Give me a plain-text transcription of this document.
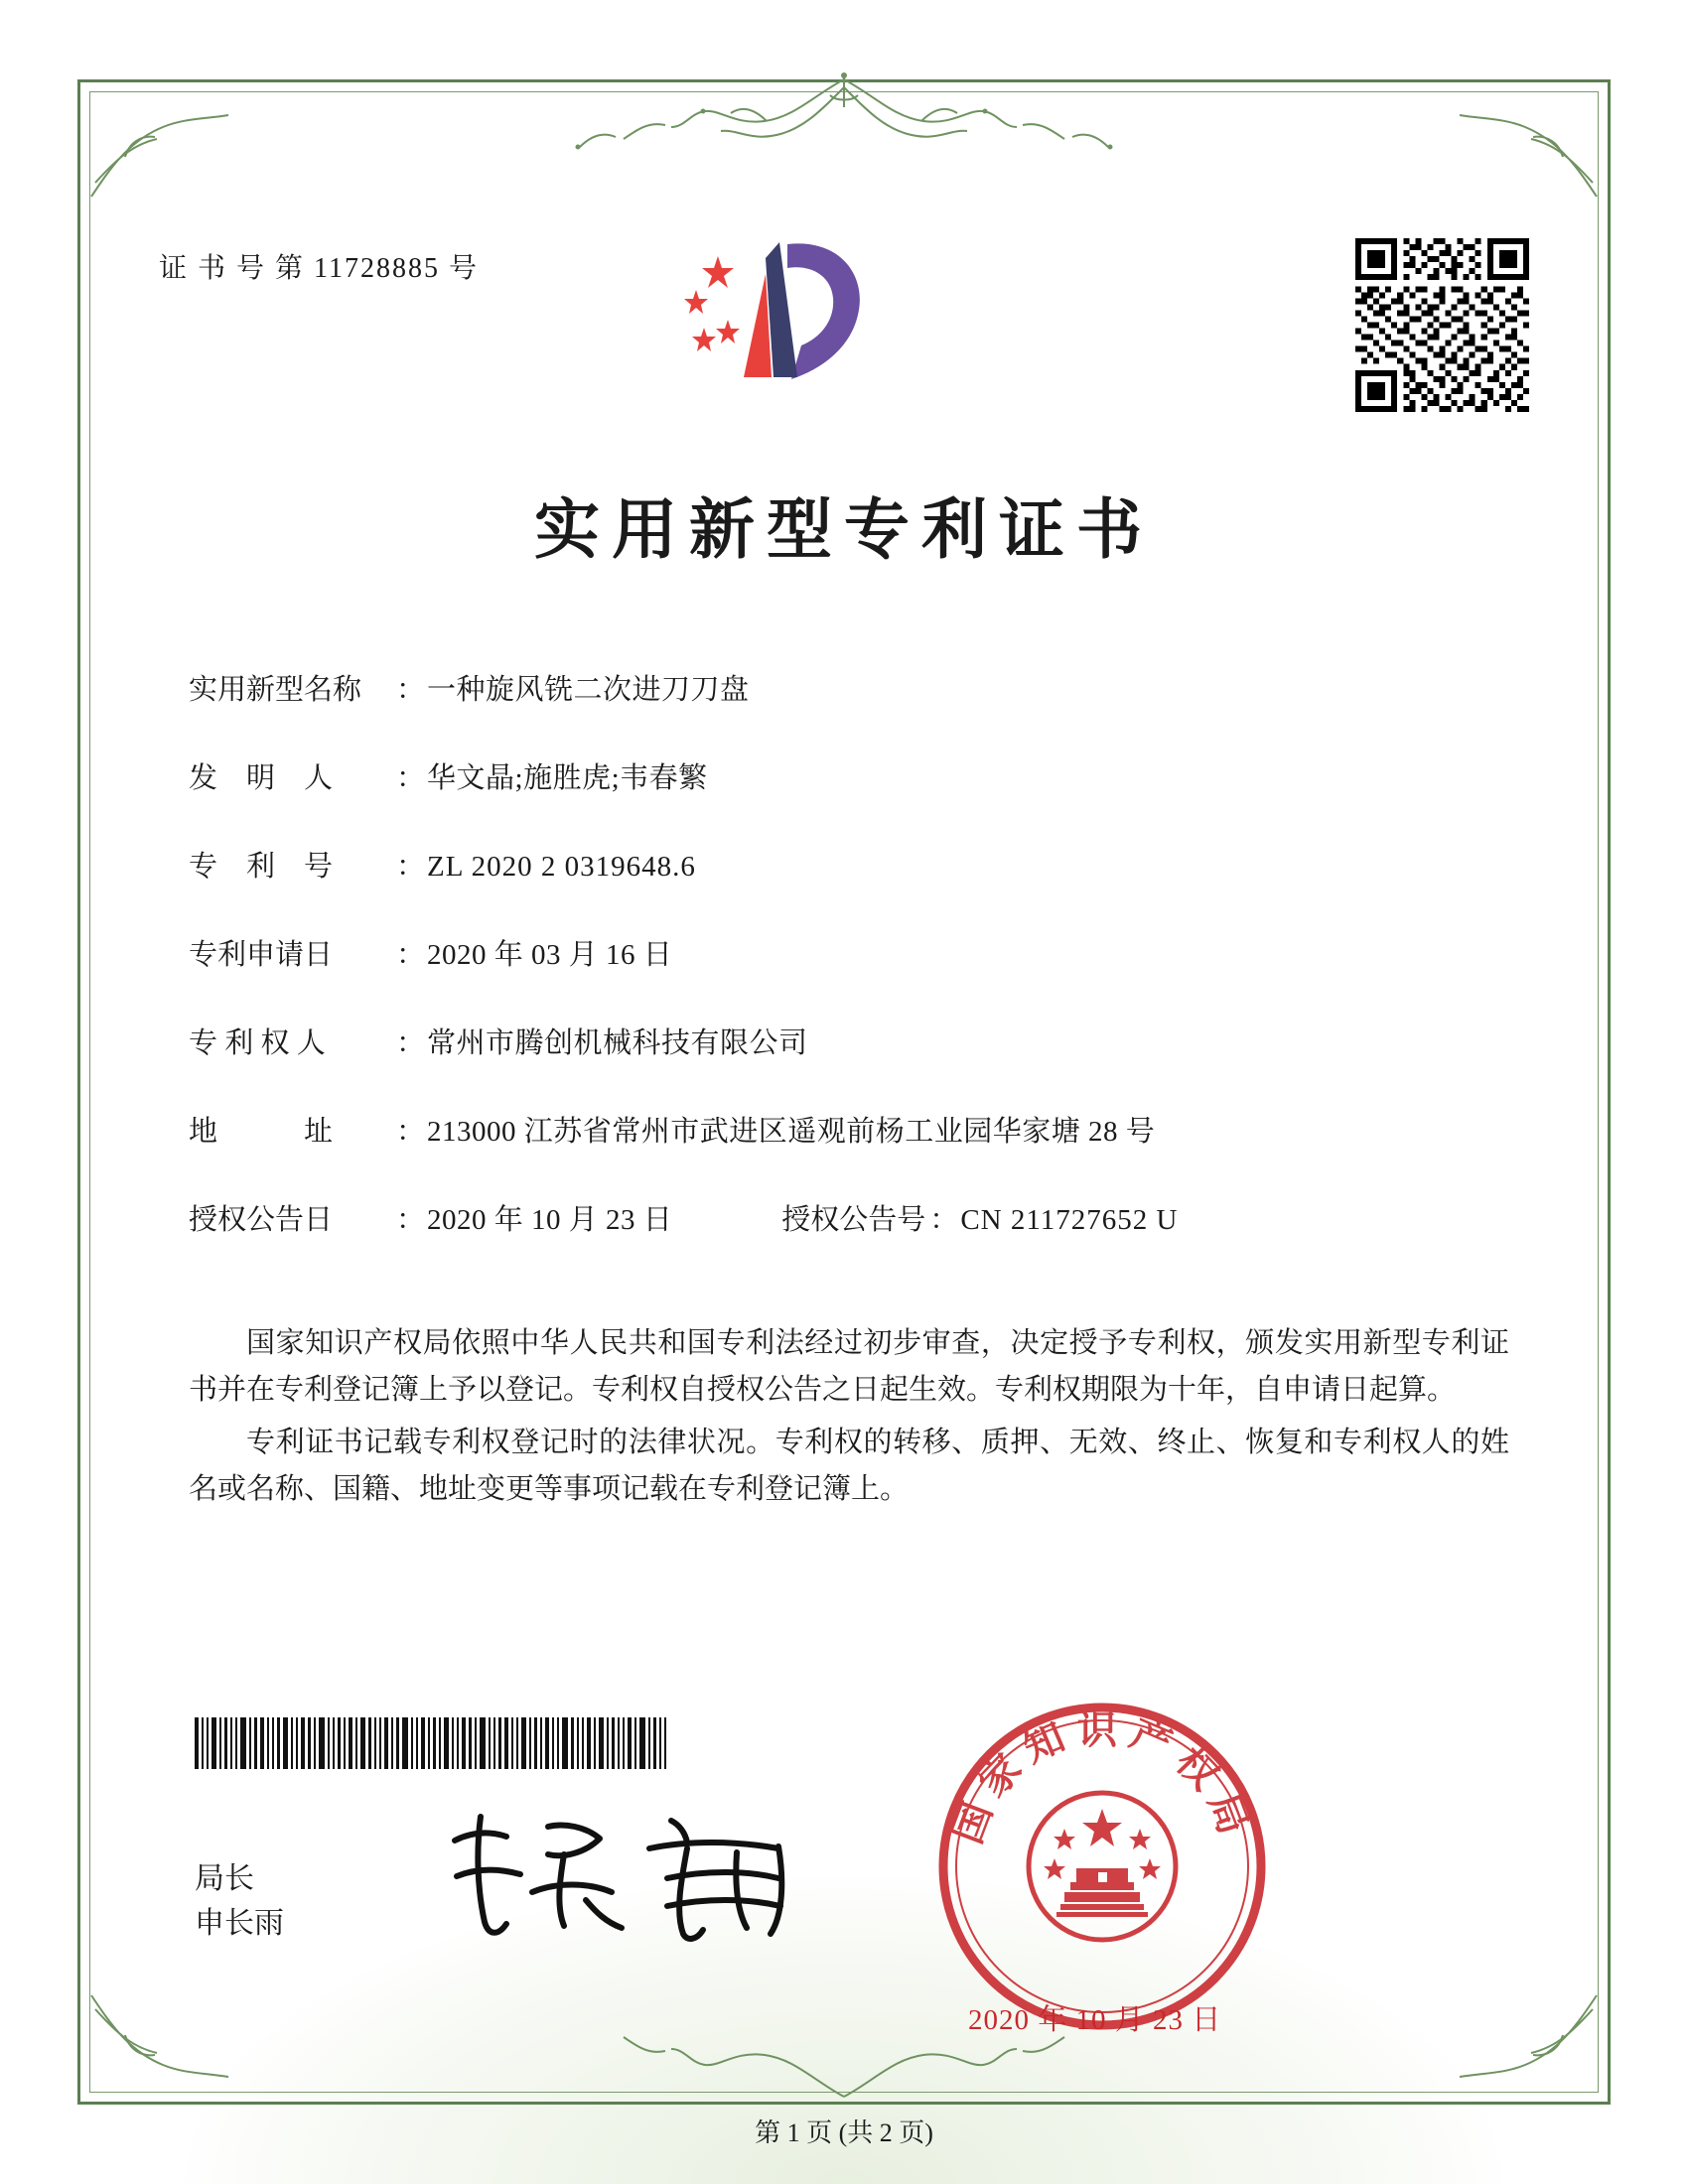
证 书 号 第 11728885 号
实用新型专利证书
实用新型名称	： 一种旋风铣二次进刀刀盘
发　明　人	： 华文晶;施胜虎;韦春繁
专　利　号	： ZL 2020 2 0319648.6
专利申请日	： 2020 年 03 月 16 日
专 利 权 人	： 常州市腾创机械科技有限公司
地　　　址	： 213000 江苏省常州市武进区遥观前杨工业园华家塘 28 号
授权公告日	： 2020 年 10 月 23 日	授权公告号 ： CN 211727652 U

国家知识产权局依照中华人民共和国专利法经过初步审查，决定授予专利权，颁发实用新型专利证书并在专利登记簿上予以登记。专利权自授权公告之日起生效。专利权期限为十年，自申请日起算。

专利证书记载专利权登记时的法律状况。专利权的转移、质押、无效、终止、恢复和专利权人的姓名或名称、国籍、地址变更等事项记载在专利登记簿上。

局长
申长雨
国家知识产权局
2020 年 10 月 23 日
第 1 页 (共 2 页)
